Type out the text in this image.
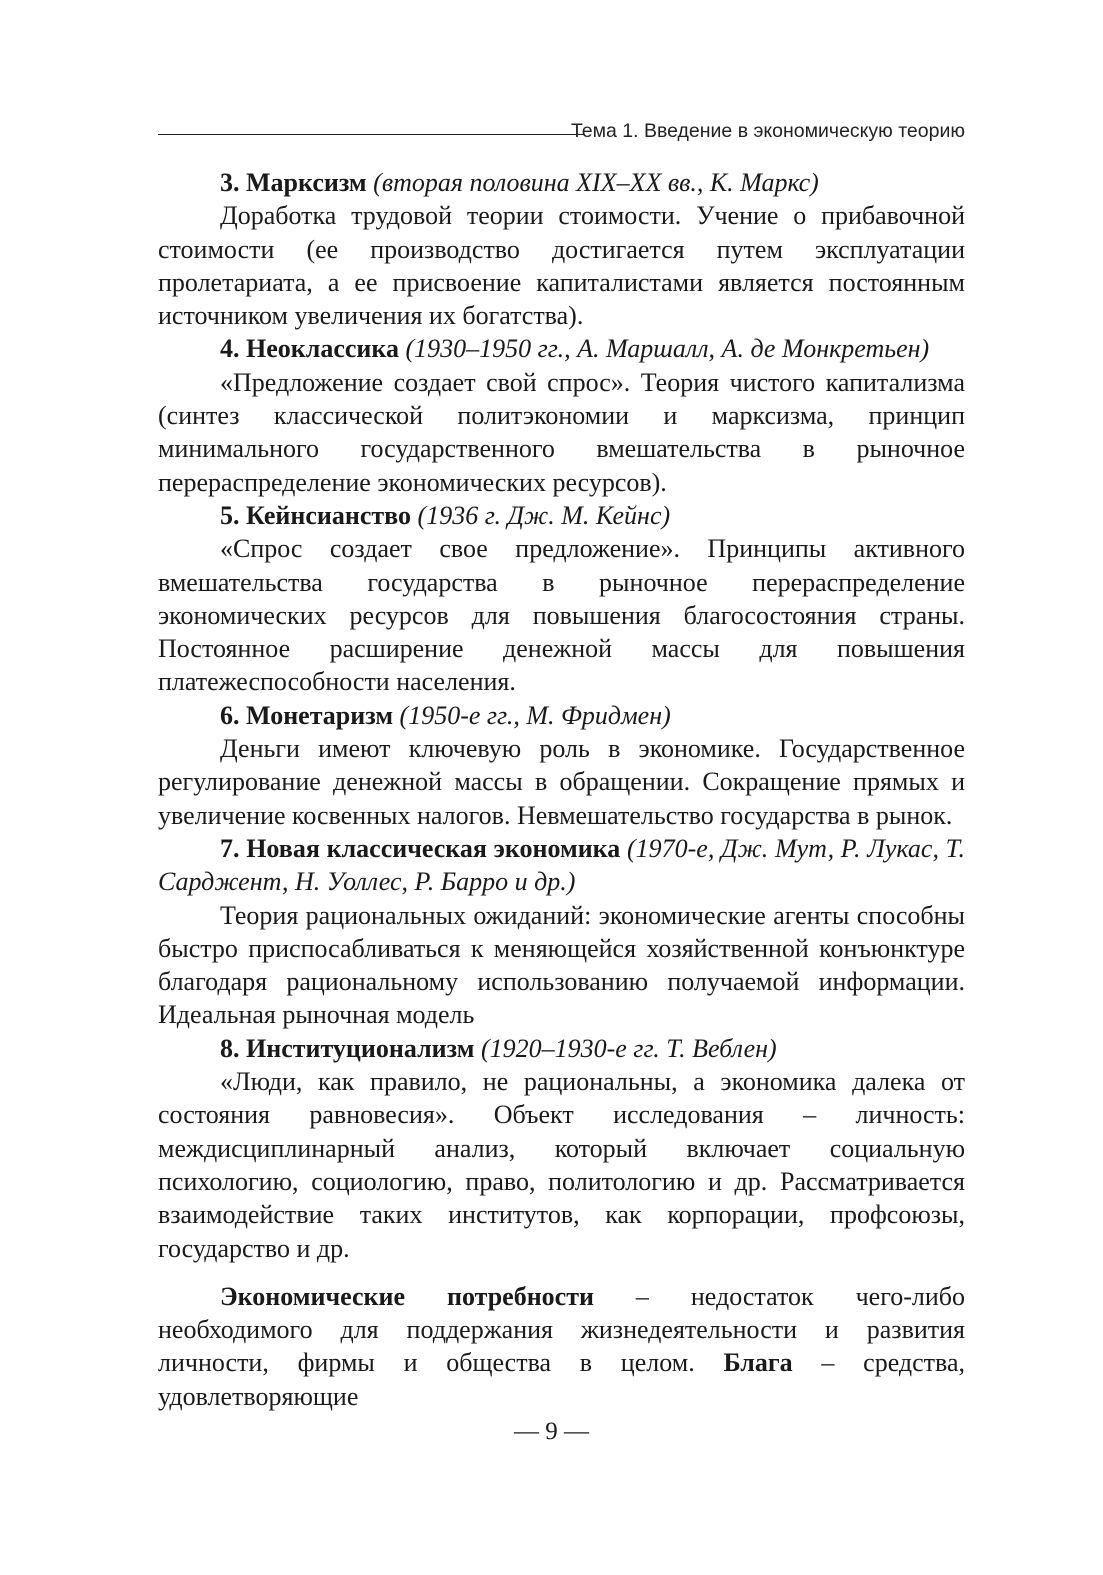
Тема 1. Введение в экономическую теорию

3. Марксизм (вторая половина XIX–XX вв., К. Маркс)

Доработка трудовой теории стоимости. Учение о прибавочной стоимости (ее производство достигается путем эксплуатации пролетариата, а ее присвоение капиталистами является постоянным источником увеличения их богатства).

4. Неоклассика (1930–1950 гг., А. Маршалл, А. де Монкретьен)

«Предложение создает свой спрос». Теория чистого капитализма (синтез классической политэкономии и марксизма, принцип минимального государственного вмешательства в рыночное перераспределение экономических ресурсов).

5. Кейнсианство (1936 г. Дж. М. Кейнс)

«Спрос создает свое предложение». Принципы активного вмешательства государства в рыночное перераспределение экономических ресурсов для повышения благосостояния страны. Постоянное расширение денежной массы для повышения платежеспособности населения.

6. Монетаризм (1950-е гг., М. Фридмен)

Деньги имеют ключевую роль в экономике. Государственное регулирование денежной массы в обращении. Сокращение прямых и увеличение косвенных налогов. Невмешательство государства в рынок.

7. Новая классическая экономика (1970-е, Дж. Мут, Р. Лукас, Т. Сарджент, Н. Уоллес, Р. Барро и др.)

Теория рациональных ожиданий: экономические агенты способны быстро приспосабливаться к меняющейся хозяйственной конъюнктуре благодаря рациональному использованию получаемой информации. Идеальная рыночная модель

8. Институционализм (1920–1930-е гг. Т. Веблен)

«Люди, как правило, не рациональны, а экономика далека от состояния равновесия». Объект исследования – личность: междисциплинарный анализ, который включает социальную психологию, социологию, право, политологию и др. Рассматривается взаимодействие таких институтов, как корпорации, профсоюзы, государство и др.

Экономические потребности – недостаток чего-либо необходимого для поддержания жизнедеятельности и развития личности, фирмы и общества в целом. Блага – средства, удовлетворяющие

— 9 —
